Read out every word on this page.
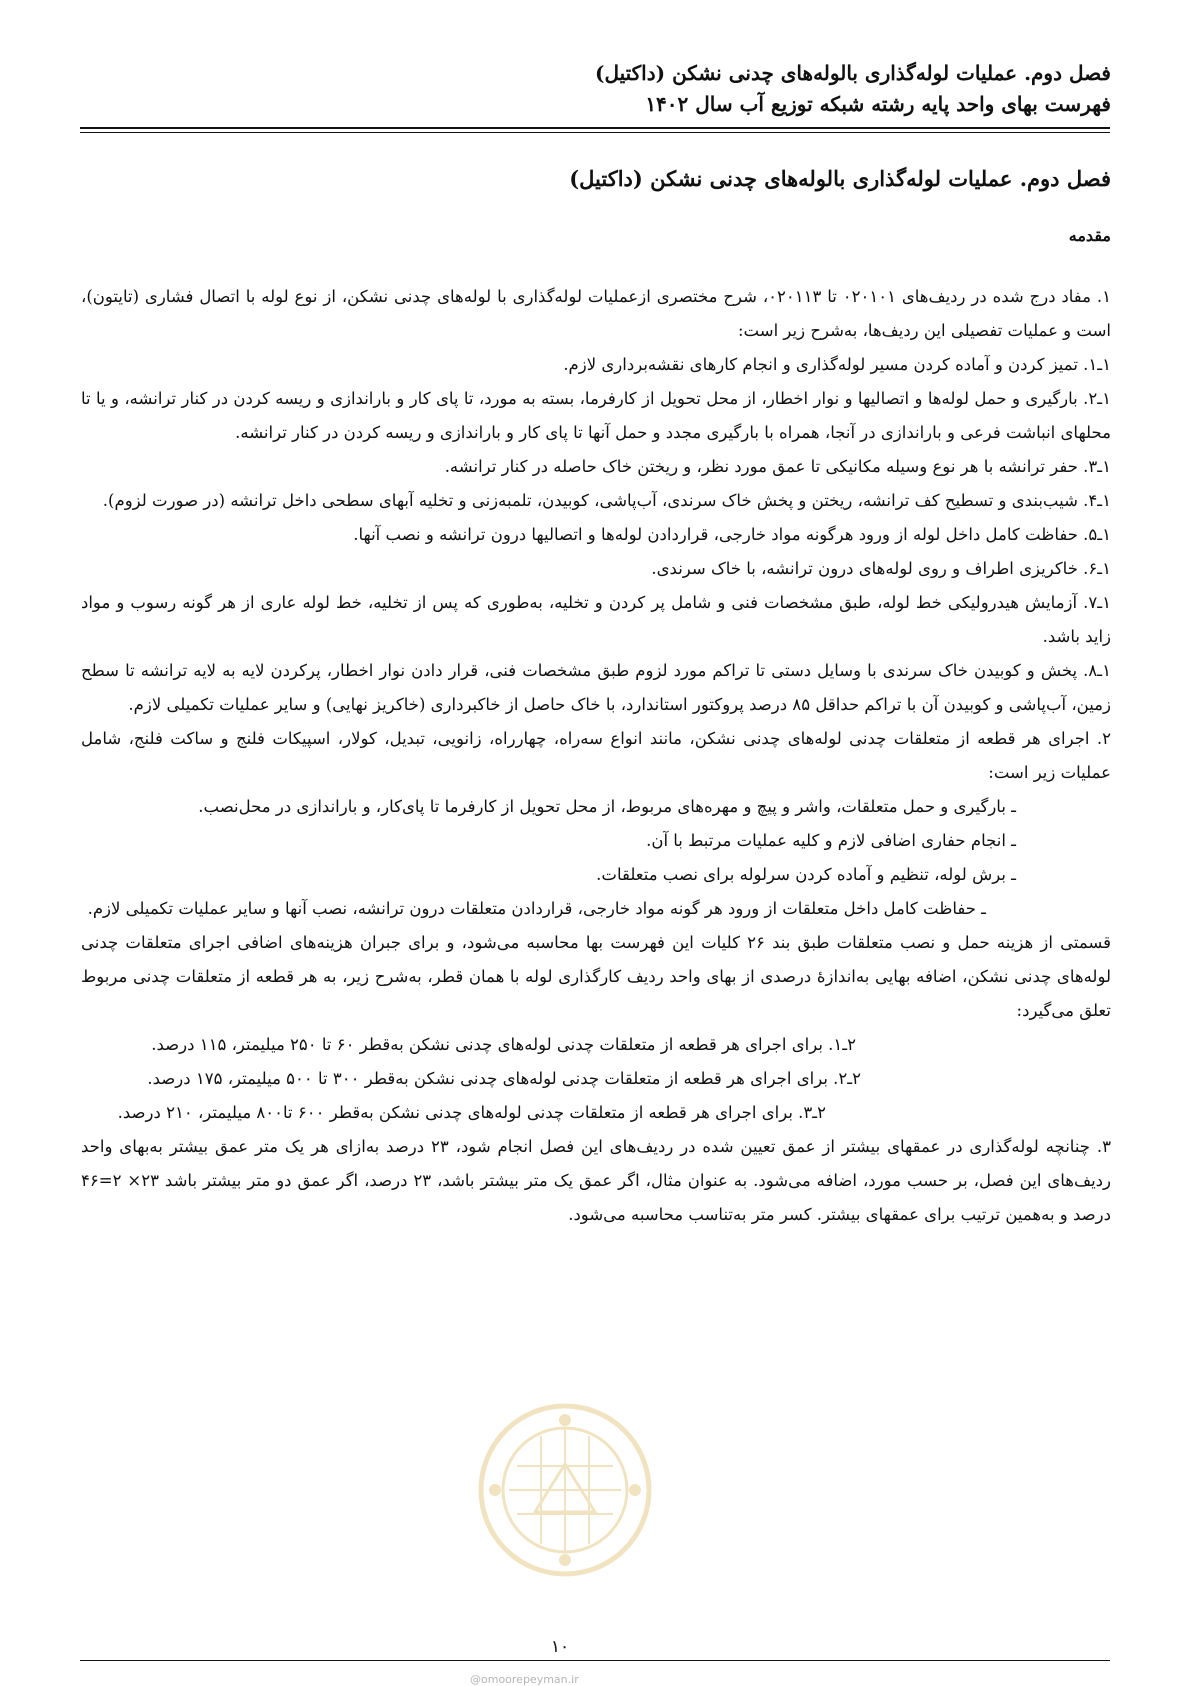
فصل دوم. عملیات لوله‌گذاری بالوله‌های چدنی نشکن (داکتیل)
فهرست بهای واحد پایه رشته شبکه توزیع آب سال ۱۴۰۲
فصل دوم. عملیات لوله‌گذاری بالوله‌های چدنی نشکن (داکتیل)
مقدمه

۱. مفاد درج شده در ردیف‌های ۰۲۰۱۰۱ تا ۰۲۰۱۱۳، شرح مختصری ازعملیات لوله‌گذاری با لوله‌های چدنی نشکن، از نوع لوله با اتصال فشاری (تایتون)، است و عملیات تفصیلی این ردیف‌ها، به‌شرح زیر است:

۱ـ۱. تمیز کردن و آماده کردن مسیر لوله‌گذاری و انجام کارهای نقشه‌برداری لازم.

۱ـ۲. بارگیری و حمل لوله‌ها و اتصالیها و نوار اخطار، از محل تحویل از کارفرما، بسته به مورد، تا پای کار و باراندازی و ریسه کردن در کنار ترانشه، و یا تا محلهای انباشت فرعی و باراندازی در آنجا، همراه با بارگیری مجدد و حمل آنها تا پای کار و باراندازی و ریسه کردن در کنار ترانشه.

۱ـ۳. حفر ترانشه با هر نوع وسیله مکانیکی تا عمق مورد نظر، و ریختن خاک حاصله در کنار ترانشه.

۱ـ۴. شیب‌بندی و تسطیح کف ترانشه، ریختن و پخش خاک سرندی، آب‌پاشی، کوبیدن، تلمبه‌زنی و تخلیه آبهای سطحی داخل ترانشه (در صورت لزوم).

۱ـ۵. حفاظت کامل داخل لوله از ورود هرگونه مواد خارجی، قراردادن لوله‌ها و اتصالیها درون ترانشه و نصب آنها.

۱ـ۶. خاکریزی اطراف و روی لوله‌های درون ترانشه، با خاک سرندی.

۱ـ۷. آزمایش هیدرولیکی خط لوله، طبق مشخصات فنی و شامل پر کردن و تخلیه، به‌طوری که پس از تخلیه، خط لوله عاری از هر گونه رسوب و مواد زاید باشد.

۱ـ۸. پخش و کوبیدن خاک سرندی با وسایل دستی تا تراکم مورد لزوم طبق مشخصات فنی، قرار دادن نوار اخطار، پرکردن لایه به لایه ترانشه تا سطح زمین، آب‌پاشی و کوبیدن آن با تراکم حداقل ۸۵ درصد پروکتور استاندارد، با خاک حاصل از خاکبرداری (خاکریز نهایی) و سایر عملیات تکمیلی لازم.

۲. اجرای هر قطعه از متعلقات چدنی لوله‌های چدنی نشکن، مانند انواع سه‌راه، چهارراه، زانویی، تبدیل، کولار، اسپیکات فلنج و ساکت فلنج، شامل عملیات زیر است:

ـ بارگیری و حمل متعلقات، واشر و پیچ و مهره‌های مربوط، از محل تحویل از کارفرما تا پای‌کار، و باراندازی در محل‌نصب.

ـ انجام حفاری اضافی لازم و کلیه عملیات مرتبط با آن.

ـ برش لوله، تنظیم و آماده کردن سرلوله برای نصب متعلقات.

ـ حفاظت کامل داخل متعلقات از ورود هر گونه مواد خارجی، قراردادن متعلقات درون ترانشه، نصب آنها و سایر عملیات تکمیلی لازم.

قسمتی از هزینه حمل و نصب متعلقات طبق بند ۲۶ کلیات این فهرست بها محاسبه می‌شود، و برای جبران هزینه‌های اضافی اجرای متعلقات چدنی لوله‌های چدنی نشکن، اضافه بهایی به‌اندازهٔ درصدی از بهای واحد ردیف کارگذاری لوله با همان قطر، به‌شرح زیر، به هر قطعه از متعلقات چدنی مربوط تعلق می‌گیرد:

۲ـ۱. برای اجرای هر قطعه از متعلقات چدنی لوله‌های چدنی نشکن به‌قطر ۶۰ تا ۲۵۰ میلیمتر، ۱۱۵ درصد.

۲ـ۲. برای اجرای هر قطعه از متعلقات چدنی لوله‌های چدنی نشکن به‌قطر ۳۰۰ تا ۵۰۰ میلیمتر، ۱۷۵ درصد.

۲ـ۳. برای اجرای هر قطعه از متعلقات چدنی لوله‌های چدنی نشکن به‌قطر ۶۰۰ تا۸۰۰ میلیمتر، ۲۱۰ درصد.

۳. چنانچه لوله‌گذاری در عمقهای بیشتر از عمق تعیین شده در ردیف‌های این فصل انجام شود، ۲۳ درصد به‌ازای هر یک متر عمق بیشتر به‌بهای واحد ردیف‌های این فصل، بر حسب مورد، اضافه می‌شود. به عنوان مثال، اگر عمق یک متر بیشتر باشد، ۲۳ درصد، اگر عمق دو متر بیشتر باشد ۲۳× ۲=۴۶ درصد و به‌همین ترتیب برای عمقهای بیشتر. کسر متر به‌تناسب محاسبه می‌شود.

۱۰
@omoorepeyman.ir
